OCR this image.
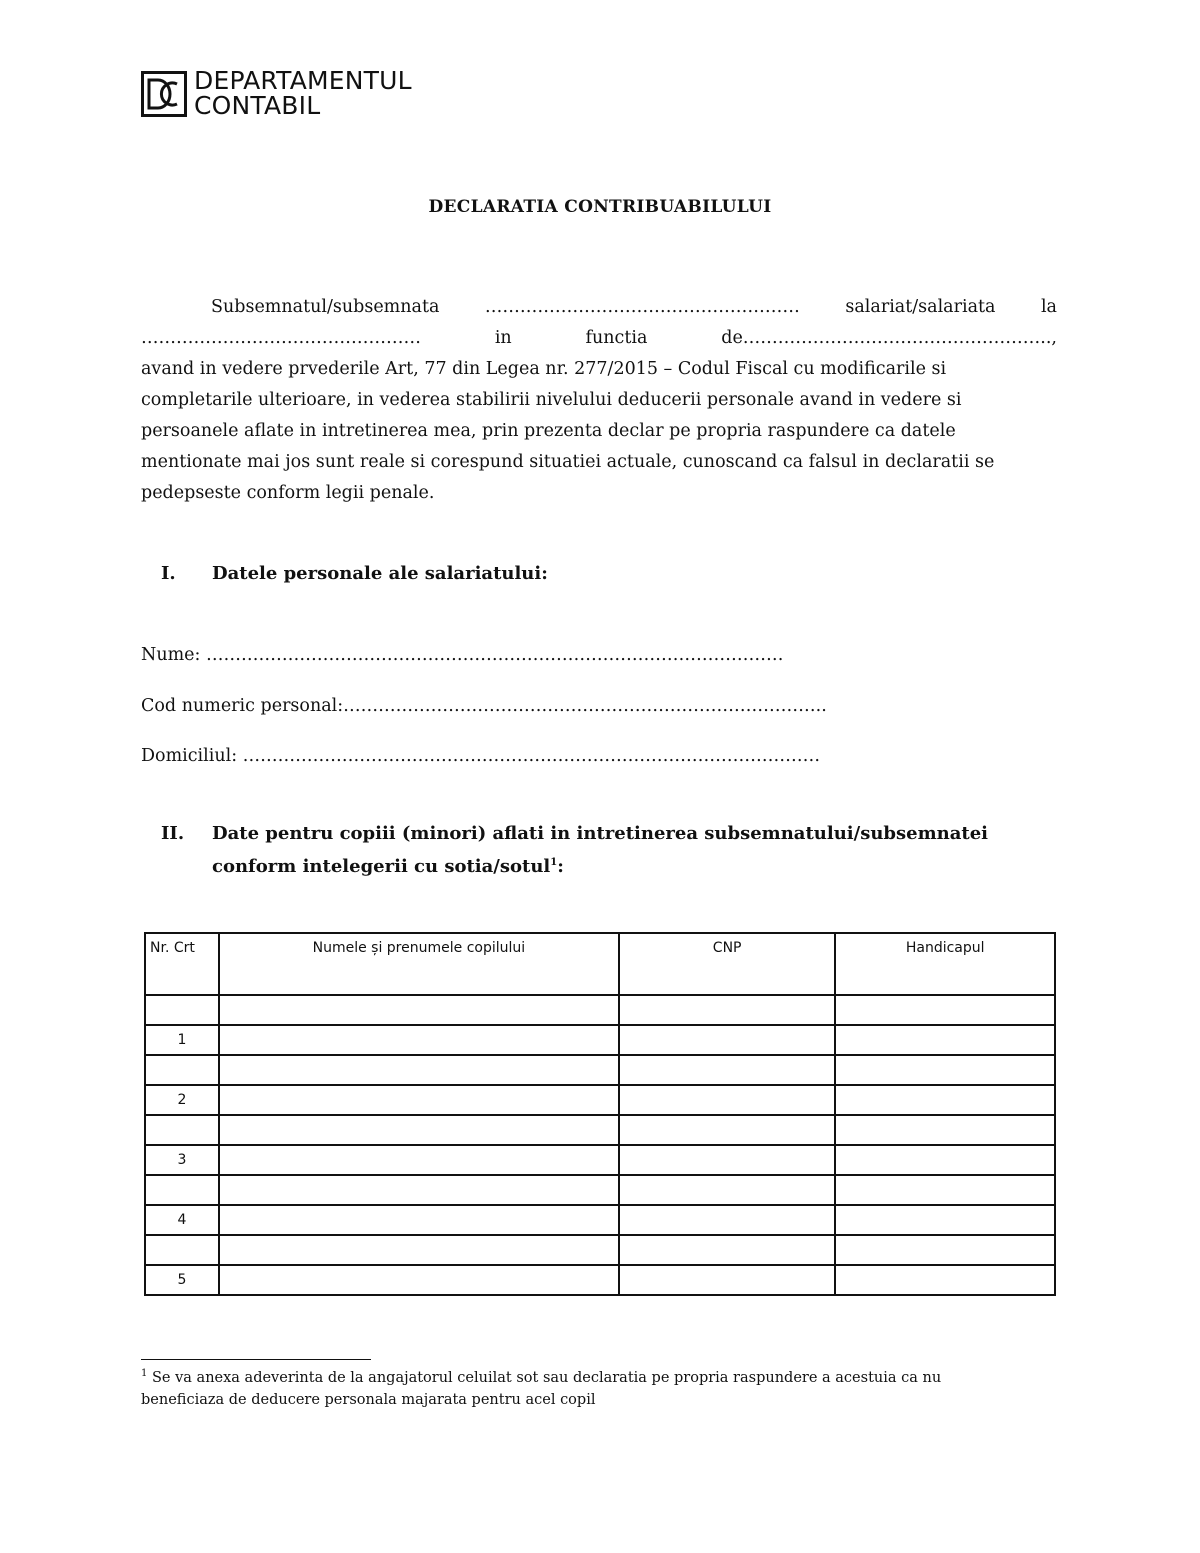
DEPARTAMENTUL
CONTABIL
DECLARATIA CONTRIBUABILULUI
Subsemnatul/subsemnata	………………………………………………	salariat/salariata	la
…………………………………………	in	functia	de……………………………………………..,
avand in vedere prvederile Art, 77 din Legea nr. 277/2015 – Codul Fiscal cu modificarile si
completarile ulterioare, in vederea stabilirii nivelului deducerii personale avand in vedere si
persoanele aflate in intretinerea mea, prin prezenta declar pe propria raspundere ca datele
mentionate mai jos sunt reale si corespund situatiei actuale, cunoscand ca falsul in declaratii se
pedepseste conform legii penale.
I. Datele personale ale salariatului:
Nume: ………………………………………………………………………………………
Cod numeric personal:………………………………………………………………………..
Domiciliul: ………………………………………………………………………………………
II. Date pentru copiii (minori) aflati in intretinerea subsemnatului/subsemnatei
conform intelegerii cu sotia/sotul$^1$:
Nr. Crt	Numele și prenumele copilului	CNP	Handicapul

1			

2			

3			

4			

5			
$^1$ Se va anexa adeverinta de la angajatorul celuilat sot sau declaratia pe propria raspundere a acestuia ca nu
beneficiaza de deducere personala majarata pentru acel copil
